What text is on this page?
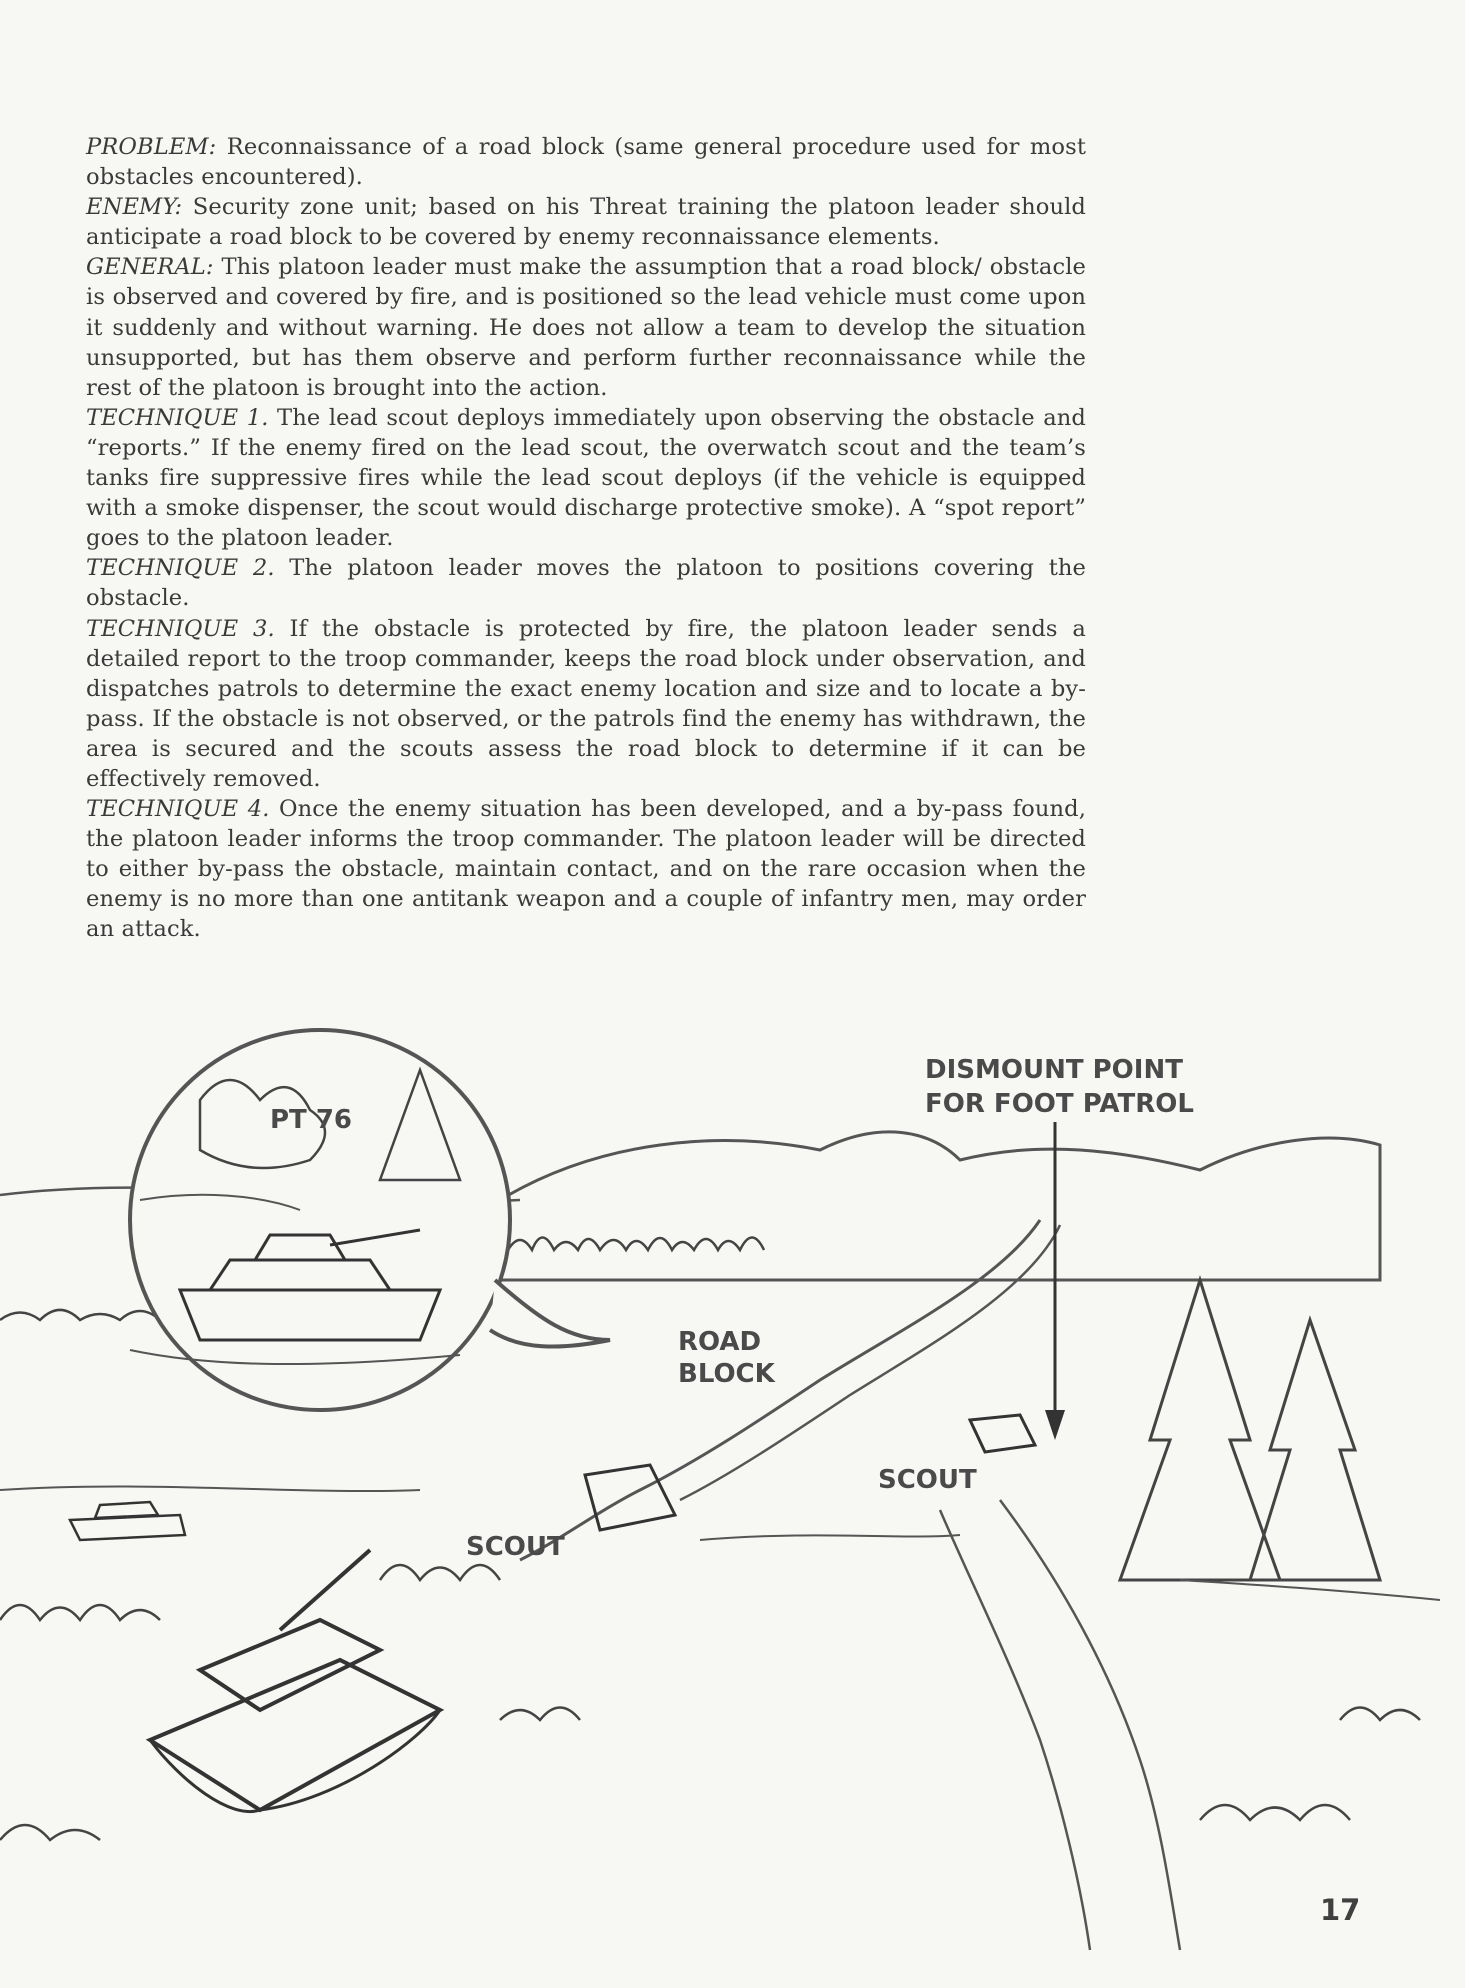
PROBLEM: Reconnaissance of a road block (same general procedure used for most obstacles encountered).

ENEMY: Security zone unit; based on his Threat training the platoon leader should anticipate a road block to be covered by enemy reconnaissance elements.

GENERAL: This platoon leader must make the assumption that a road block/ obstacle is observed and covered by fire, and is positioned so the lead vehicle must come upon it suddenly and without warning. He does not allow a team to develop the situation unsupported, but has them observe and perform further reconnaissance while the rest of the platoon is brought into the action.

TECHNIQUE 1. The lead scout deploys immediately upon observing the obstacle and “reports.” If the enemy fired on the lead scout, the overwatch scout and the team’s tanks fire suppressive fires while the lead scout deploys (if the vehicle is equipped with a smoke dispenser, the scout would discharge protective smoke). A “spot report” goes to the platoon leader.

TECHNIQUE 2. The platoon leader moves the platoon to positions covering the obstacle.

TECHNIQUE 3. If the obstacle is protected by fire, the platoon leader sends a detailed report to the troop commander, keeps the road block under observation, and dispatches patrols to determine the exact enemy location and size and to locate a by-pass. If the obstacle is not observed, or the patrols find the enemy has withdrawn, the area is secured and the scouts assess the road block to determine if it can be effectively removed.

TECHNIQUE 4. Once the enemy situation has been developed, and a by-pass found, the platoon leader informs the troop commander. The platoon leader will be directed to either by-pass the obstacle, maintain contact, and on the rare occasion when the enemy is no more than one antitank weapon and a couple of infantry men, may order an attack.

PT 76
DISMOUNT POINT
FOR FOOT PATROL
ROAD
BLOCK
SCOUT
SCOUT
17
